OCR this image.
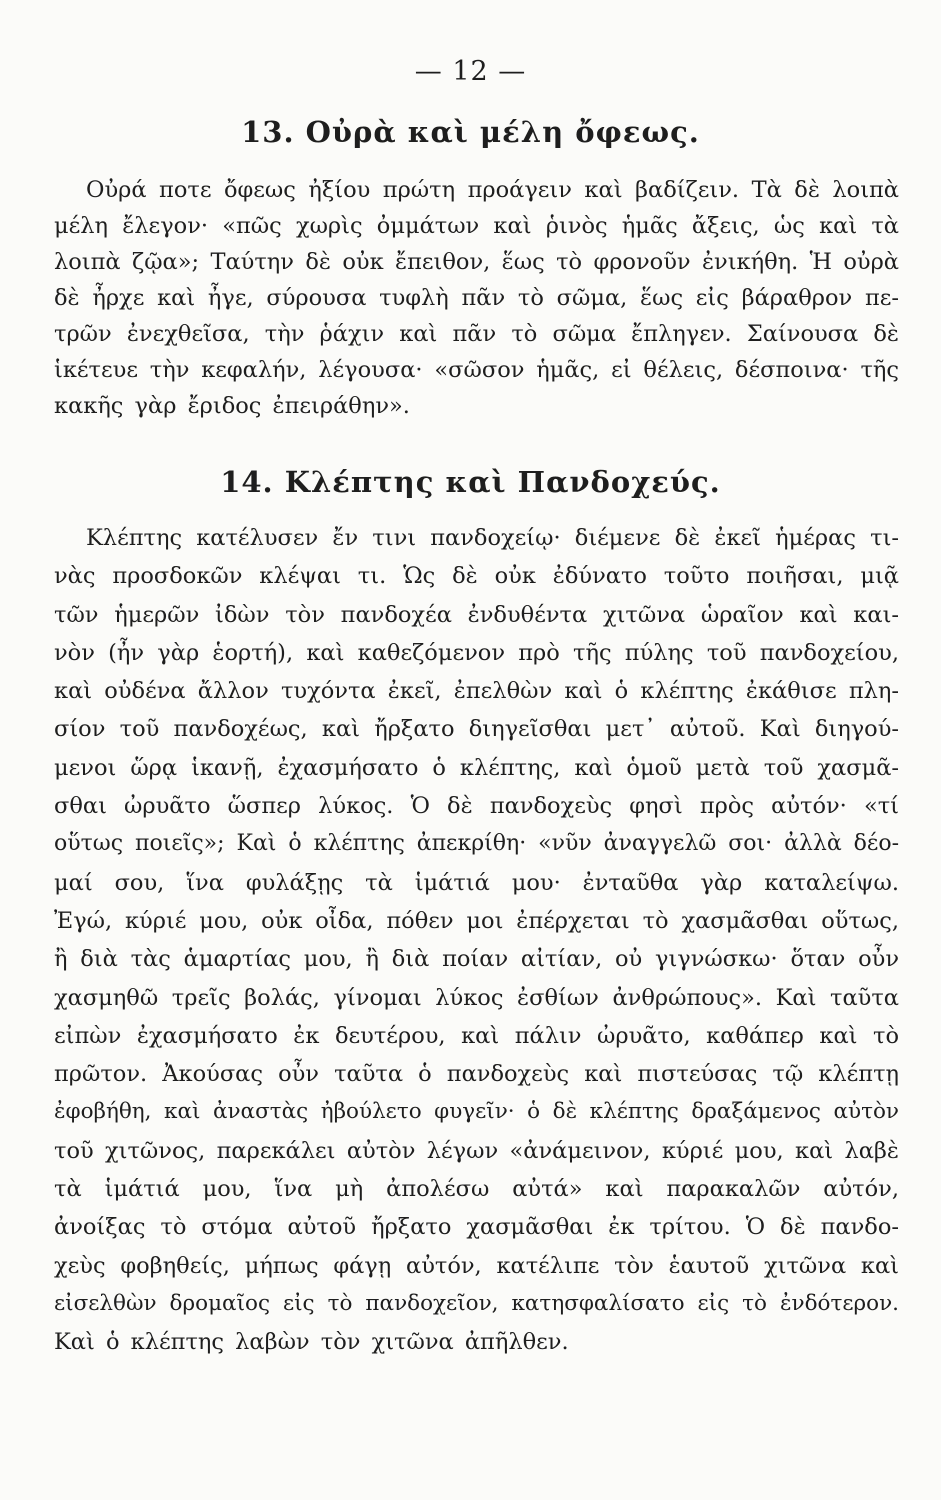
— 12 —
13. Οὐρὰ καὶ μέλη ὄφεως.
Οὐρά ποτε ὄφεως ἠξίου πρώτη προάγειν καὶ βαδίζειν. Τὰ δὲ λοιπὰ
μέλη ἔλεγον· «πῶς χωρὶς ὀμμάτων καὶ ῥινὸς ἡμᾶς ἄξεις, ὡς καὶ τὰ
λοιπὰ ζῷα»; Ταύτην δὲ οὐκ ἔπειθον, ἕως τὸ φρονοῦν ἐνικήθη. Ἡ οὐρὰ
δὲ ἦρχε καὶ ἦγε, σύρουσα τυφλὴ πᾶν τὸ σῶμα, ἕως εἰς βάραθρον πε-
τρῶν ἐνεχθεῖσα, τὴν ῥάχιν καὶ πᾶν τὸ σῶμα ἔπληγεν. Σαίνουσα δὲ
ἱκέτευε τὴν κεφαλήν, λέγουσα· «σῶσον ἡμᾶς, εἰ θέλεις, δέσποινα· τῆς
κακῆς γὰρ ἔριδος ἐπειράθην».
14. Κλέπτης καὶ Πανδοχεύς.
Κλέπτης κατέλυσεν ἔν τινι πανδοχείῳ· διέμενε δὲ ἐκεῖ ἡμέρας τι-
νὰς προσδοκῶν κλέψαι τι. Ὡς δὲ οὐκ ἐδύνατο τοῦτο ποιῆσαι, μιᾷ
τῶν ἡμερῶν ἰδὼν τὸν πανδοχέα ἐνδυθέντα χιτῶνα ὡραῖον καὶ και-
νὸν (ἦν γὰρ ἑορτή), καὶ καθεζόμενον πρὸ τῆς πύλης τοῦ πανδοχείου,
καὶ οὐδένα ἄλλον τυχόντα ἐκεῖ, ἐπελθὼν καὶ ὁ κλέπτης ἐκάθισε πλη-
σίον τοῦ πανδοχέως, καὶ ἤρξατο διηγεῖσθαι μετ᾽ αὐτοῦ. Καὶ διηγού-
μενοι ὥρᾳ ἱκανῇ, ἐχασμήσατο ὁ κλέπτης, καὶ ὁμοῦ μετὰ τοῦ χασμᾶ-
σθαι ὠρυᾶτο ὥσπερ λύκος. Ὁ δὲ πανδοχεὺς φησὶ πρὸς αὐτόν· «τί
οὕτως ποιεῖς»; Καὶ ὁ κλέπτης ἀπεκρίθη· «νῦν ἀναγγελῶ σοι· ἀλλὰ δέο-
μαί σου, ἵνα φυλάξῃς τὰ ἱμάτιά μου· ἐνταῦθα γὰρ καταλείψω.
Ἐγώ, κύριέ μου, οὐκ οἶδα, πόθεν μοι ἐπέρχεται τὸ χασμᾶσθαι οὕτως,
ἢ διὰ τὰς ἁμαρτίας μου, ἢ διὰ ποίαν αἰτίαν, οὐ γιγνώσκω· ὅταν οὖν
χασμηθῶ τρεῖς βολάς, γίνομαι λύκος ἐσθίων ἀνθρώπους». Καὶ ταῦτα
εἰπὼν ἐχασμήσατο ἐκ δευτέρου, καὶ πάλιν ὠρυᾶτο, καθάπερ καὶ τὸ
πρῶτον. Ἀκούσας οὖν ταῦτα ὁ πανδοχεὺς καὶ πιστεύσας τῷ κλέπτῃ
ἐφοβήθη, καὶ ἀναστὰς ἠβούλετο φυγεῖν· ὁ δὲ κλέπτης δραξάμενος αὐτὸν
τοῦ χιτῶνος, παρεκάλει αὐτὸν λέγων «ἀνάμεινον, κύριέ μου, καὶ λαβὲ
τὰ ἱμάτιά μου, ἵνα μὴ ἀπολέσω αὐτά» καὶ παρακαλῶν αὐτόν,
ἀνοίξας τὸ στόμα αὐτοῦ ἤρξατο χασμᾶσθαι ἐκ τρίτου. Ὁ δὲ πανδο-
χεὺς φοβηθείς, μήπως φάγῃ αὐτόν, κατέλιπε τὸν ἑαυτοῦ χιτῶνα καὶ
εἰσελθὼν δρομαῖος εἰς τὸ πανδοχεῖον, κατησφαλίσατο εἰς τὸ ἐνδότερον.
Καὶ ὁ κλέπτης λαβὼν τὸν χιτῶνα ἀπῆλθεν.
